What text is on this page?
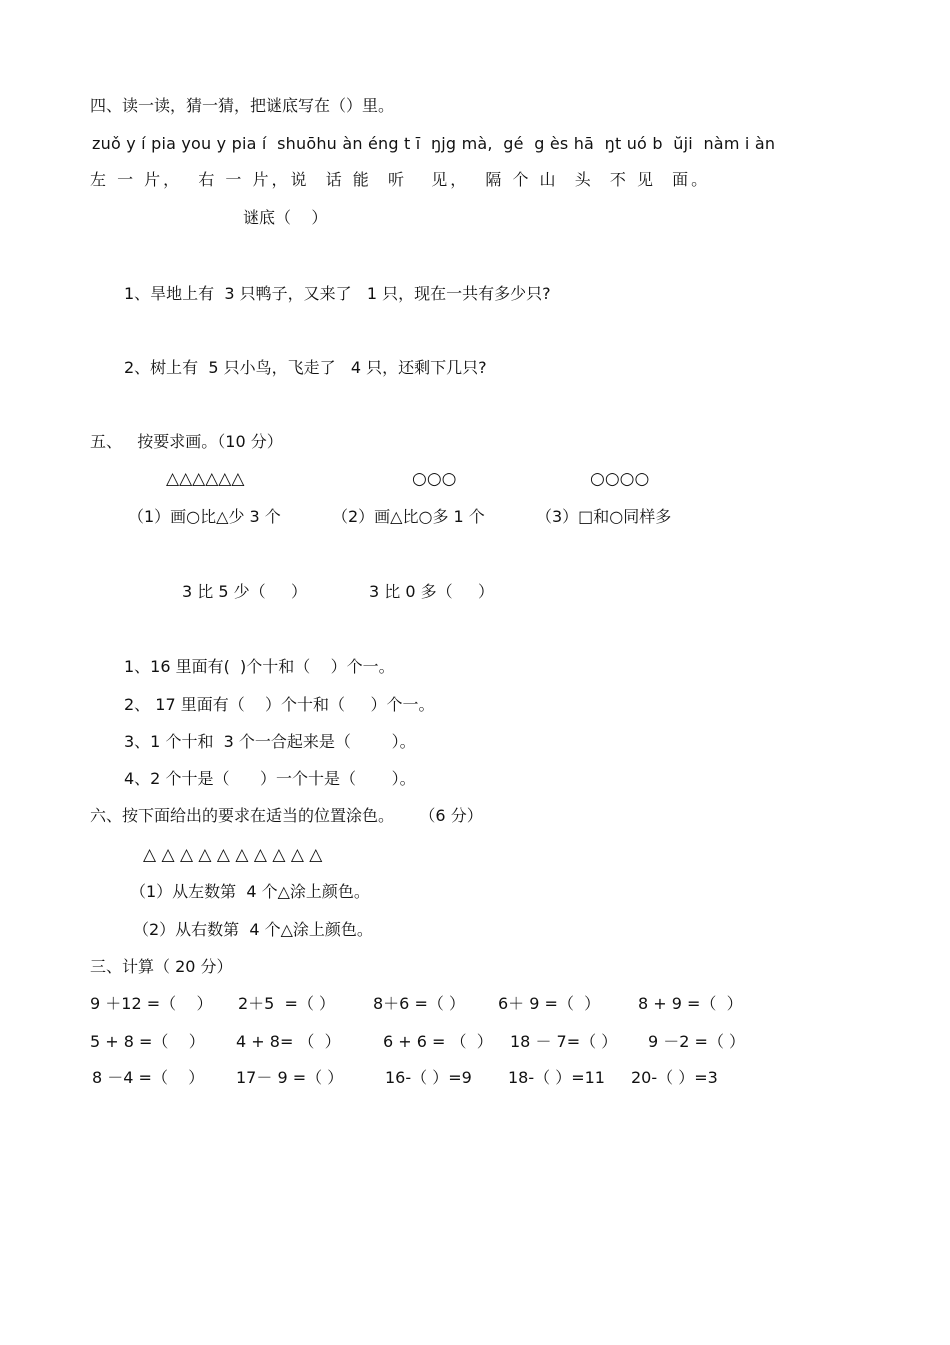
四、读一读，猜一猜，把谜底写在（）里。
zuǒ y í pia you y pia í  shuōhu àn éng t ī  ŋjg mà,  gé  g ès hā  ŋt uó b  ŭji  nàm i àn
左 一 片，  右 一 片，说  话 能  听   见，  隔 个 山  头  不 见  面。
谜底（    ）
1、旱地上有  3 只鸭子，又来了   1 只，现在一共有多少只?
2、树上有  5 只小鸟，飞走了   4 只，还剩下几只?
五、   按要求画。（10 分）
△△△△△△	○○○	○○○○
（1）画○比△少 3 个	（2）画△比○多 1 个	（3）□和○同样多
3 比 5 少（     ）	3 比 0 多（     ）
1、16 里面有(  )个十和（    ）个一。
2、 17 里面有（    ）个十和（     ）个一。
3、1 个十和  3 个一合起来是（        ）。
4、2 个十是（      ）一个十是（       ）。
六、按下面给出的要求在适当的位置涂色。     （6 分）
△ △ △ △ △ △ △ △ △ △
（1）从左数第  4 个△涂上颜色。
（2）从右数第  4 个△涂上颜色。
三、计算（ 20 分）
9 ＋12 =（    ） 2＋5  =（ ） 8＋6 =（ ） 6＋ 9 =（  ） 8 + 9 =（  ）
5 + 8 =（    ） 4 + 8= （  ）	6 + 6 = （  ） 18 － 7=（ ） 9 －2 =（ ）
8 －4 =（    ） 17－ 9 =（ ）	16-（ ）=9 18-（ ）=11 20-（ ）=3
